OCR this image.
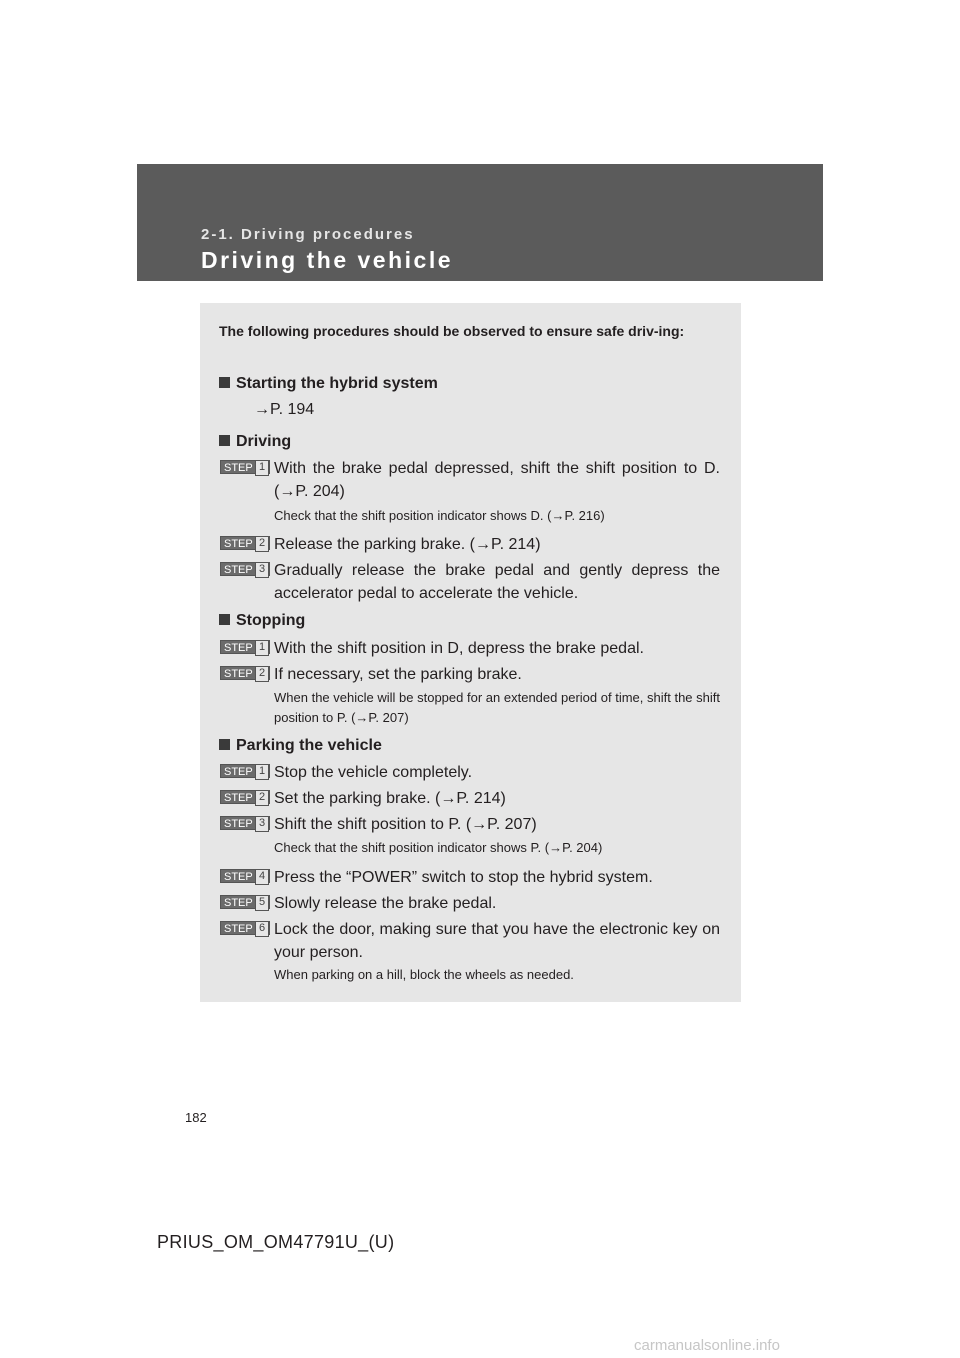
2-1. Driving procedures
Driving the vehicle
The following procedures should be observed to ensure safe driv-ing:
Starting the hybrid system
→P. 194
Driving
STEP 1 With the brake pedal depressed, shift the shift position to D. (→P. 204)
Check that the shift position indicator shows D. (→P. 216)
STEP 2 Release the parking brake. (→P. 214)
STEP 3 Gradually release the brake pedal and gently depress the accelerator pedal to accelerate the vehicle.
Stopping
STEP 1 With the shift position in D, depress the brake pedal.
STEP 2 If necessary, set the parking brake.
When the vehicle will be stopped for an extended period of time, shift the shift position to P. (→P. 207)
Parking the vehicle
STEP 1 Stop the vehicle completely.
STEP 2 Set the parking brake. (→P. 214)
STEP 3 Shift the shift position to P. (→P. 207)
Check that the shift position indicator shows P. (→P. 204)
STEP 4 Press the “POWER” switch to stop the hybrid system.
STEP 5 Slowly release the brake pedal.
STEP 6 Lock the door, making sure that you have the electronic key on your person.
When parking on a hill, block the wheels as needed.
182
PRIUS_OM_OM47791U_(U)
carmanualsonline.info
